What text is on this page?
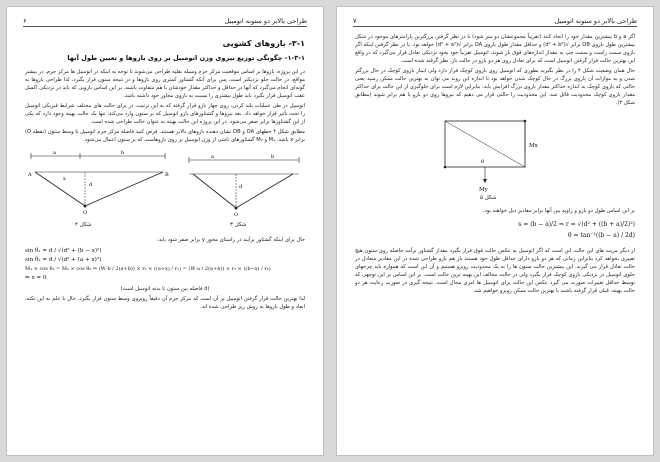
طراحی بالابر دو ستونه اتومبیل
۶
۳-۱- بازوهای کشویی
۱-۳-۱- چگونگی توزیع نیروی وزن اتومبیل بر روی بازوها و تعیین طول آنها

در این پروژه، بازوها بر اساس موقعیت مرکز جرم وسیله نقلیه طراحی می‌شوند تا توجه به اینکه در اتومبیل ها مرکز جرم، در بیشتر مواقع، در حالت جلو نزدیکتر است، پس برای آنکه گشتاور کمتری روی بازوها و در نتیجه ستون فرار بگیرد، لذا طراحی بازوها به گونه‌ای انجام می‌گیرد که آنها در حداقل و حداکثر مقدار خودشان با هم متفاوت باشند. بر این اساس بازویی که باید در نزدیکی اکسل عقب اتومبیل قرار بگیرد باید طول بیشتری را نسبت به بازوی مجاور خود داشته باشد.

اتومبیل در طی عملیات بلند کردن، روی چهار بازو قرار گرفته که به این ترتیب، در برای حالت های مختلف شرایط فیزیکی اتومبیل را تحت تأثیر قرار خواهد داد. بعد نیروها و گشتاورهای بازو اتومبیل که بر ستون وارد می‌کند، تنها یک حالت بهینه وجود دارد که یکی از این گشتاورها برابر صفر می‌شود. در این پروژه این حالت بهینه به عنوان حالت طراحی شده است.

مطابق شکل ۴ خطهای OA و OB نشان دهنده بازوهای بالابر هستند. فرض کنید فاصله مرکز جرم اتومبیل تا وسط ستون (نقطه O) برابر x باشد. M₁ و M₂ گشتاورهای ناشی از وزن اتومبیل بر روی بازوهاست که بر ستون اعمال می‌شود.

a	b
A	B
O
d
x
a	b
O
d
شکل ۴	شکل ۳

حال برای اینکه گشتاور برآیند در راستای محور y برابر صفر شود باید:

sin θ₁ = d / √(d² + (b − x)²)
sin θ₂ = d / √(d² + (a + x)²)
M₁ × cos θ₁ = M₂ × cos θ₂ ⇒ (W·b / 2(a+b)) × r₁ × ((a+x) / r₁) = (W·a / 2(a+b)) × r₂ × ((b−x) / r₂)
⇒ x = 0

(d فاصله بین ستون تا بدنه اتومبیل است)

لذا بهترین حالت قرار گرفتن اتومبیل بر آن است که مرکز جرم آن دقیقاً روبروی وسط ستون قرار بگیرد. حال با علم به این نکته، ابعاد و طول بازوها به روش زیر طراحی شده اند.

طراحی بالابر دو ستونه اتومبیل
۷

اگر a و b بیشترین مقدار خود را اتخاذ کنند (تقریباً مجموعشان دو متر شود) با در نظر گرفتن بزرگترین پارامترهای موجود در شکل بیشترین طول بازوی OB برابر √(d² + b²) و حداقل مقدار طول بازوی OA برابر √(d² + a²) خواهد بود. با در نظر گرفتن اینکه اگر بازوی سمت راست و سمت چپ به مقدار اندازه‌های فوق باز شوند، اتومبیل تقریباً خود بخود نزدیکی تعادل قرار می‌گیرد که در واقع این بهترین حالت قرار گرفتن اتومبیل است که برای تعادل روی هر دو بازو در حالت باز، نظر گرفته شده است.

حال همان وضعیت شکل ۴ را در نظر بگیرید بطوری که اتومبیل روی بازوی کوچک قرار دارد ولی اینبار بازوی کوچک در حال بزرگتر شدن و به موازات آن بازوی بزرگ در حال کوچک شدن خواهد بود تا اندازه این روند می توان به بهترین حالت ممکن رسید یعنی حالتی که بازوی کوچک به اندازه حداکثر مقدار بازوی بزرگ افزایش یابد. بنابراین لازم است برای جلوگیری از این حالت برای حداکثر مقدار بازوی کوچک محدودیت قائل شد. این محدودیت را حالتی قرار می دهیم که نیروها روی دو بازو با هم برابر شوند (مطابق شکل ۳).

Mx
My
θ
شکل ۵

بر این اساس طول دو بازو و زاویه بین آنها برابر مقادیر ذیل خواهند بود.

s = (b − a)/2 ⇒ r = √(d² + ((b + a)/2)²)
θ = tan⁻¹((b − a) / 2d)

از دیگر مزیت های این حالت این است که اگر اتومبیل به عکس حالت فوق قرار بگیرد مقدار گشتاور برآمد حاصله روی ستون هیچ تغییری نخواهد کرد بنابراین زمانی که هر دو بازو دارای حداقل طول خود هستند باز هم بازو طراحی شده در این مقادیر متعادل در حالت تعادل قرار می گیرند. این بیشترین حالت ستون ها را به یک محدودیت روبرو هستیم و آن این است که همواره باید چرخهای جلوی اتومبیل در نزدیکی بازوی کوچک قرار بگیرد ولی در حالت مخالف این بهینه ترین حالت است. بر این اساس بر این توجهی که توسط حداقل تغییرات صورت می گیرد عکس این حالت برای اتومبیل ها امری محال است. نتیجه گیری در صورت رعایت هر دو حالت بهینه، قبلی قرار گرفته باشند با بهترین حالت ممکن روبرو خواهیم شد.
